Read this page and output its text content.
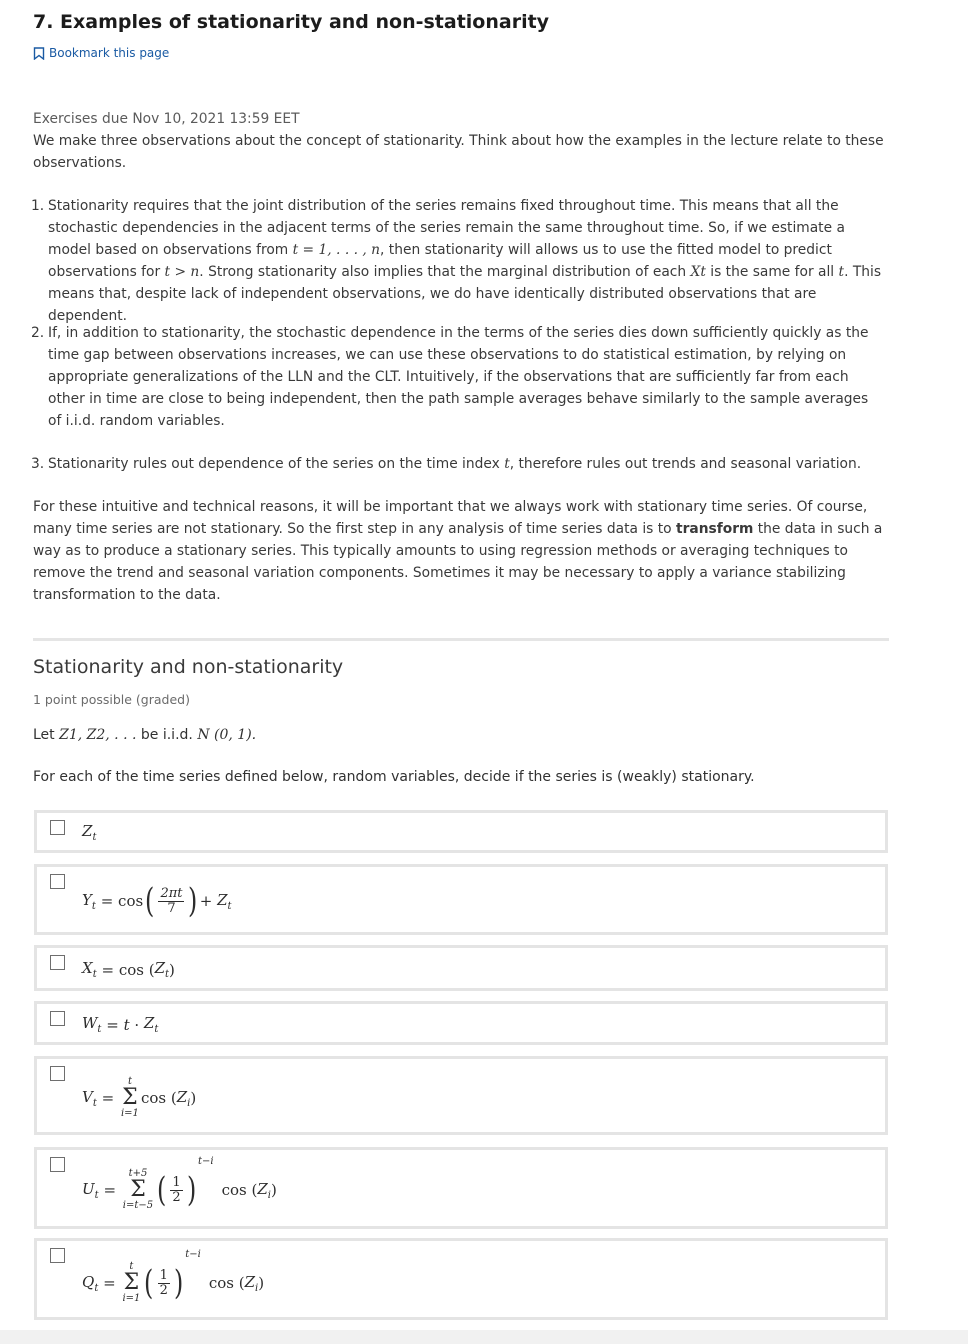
7. Examples of stationarity and non-stationarity
Bookmark this page

Exercises due Nov 10, 2021 13:59 EET

We make three observations about the concept of stationarity. Think about how the examples in the lecture relate to these observations.

1. Stationarity requires that the joint distribution of the series remains fixed throughout time. This means that all the stochastic dependencies in the adjacent terms of the series remain the same throughout time. So, if we estimate a model based on observations from t = 1, . . . , n, then stationarity will allows us to use the fitted model to predict observations for t > n. Strong stationarity also implies that the marginal distribution of each Xt is the same for all t. This means that, despite lack of independent observations, we do have identically distributed observations that are dependent.
2. If, in addition to stationarity, the stochastic dependence in the terms of the series dies down sufficiently quickly as the time gap between observations increases, we can use these observations to do statistical estimation, by relying on appropriate generalizations of the LLN and the CLT. Intuitively, if the observations that are sufficiently far from each other in time are close to being independent, then the path sample averages behave similarly to the sample averages of i.i.d. random variables.
3. Stationarity rules out dependence of the series on the time index t, therefore rules out trends and seasonal variation.

For these intuitive and technical reasons, it will be important that we always work with stationary time series. Of course, many time series are not stationary. So the first step in any analysis of time series data is to transform the data in such a way as to produce a stationary series. This typically amounts to using regression methods or averaging techniques to remove the trend and seasonal variation components. Sometimes it may be necessary to apply a variance stabilizing transformation to the data.

Stationarity and non-stationarity
1 point possible (graded)
Let Z1, Z2, . . . be i.i.d. N (0, 1).
For each of the time series defined below, random variables, decide if the series is (weakly) stationary.
$Z_t$
$Y_t = \cos$ ( $\frac{2\pi t}{7}$ ) + $Z_t$
$X_t = \cos$ ( $Z_t$ )
$W_t = t \cdot Z_t$
$V_t$ =
t
Σ
i=1
cos ( $Z_i$ )
$U_t$ =
t+5
Σ
i=t−5 ( $\frac{1}{2}$ )
t−i
cos ( $Z_i$ )
$Q_t$ =
t
Σ
i=1 ( $\frac{1}{2}$ )
t−i
cos ( $Z_i$ )
